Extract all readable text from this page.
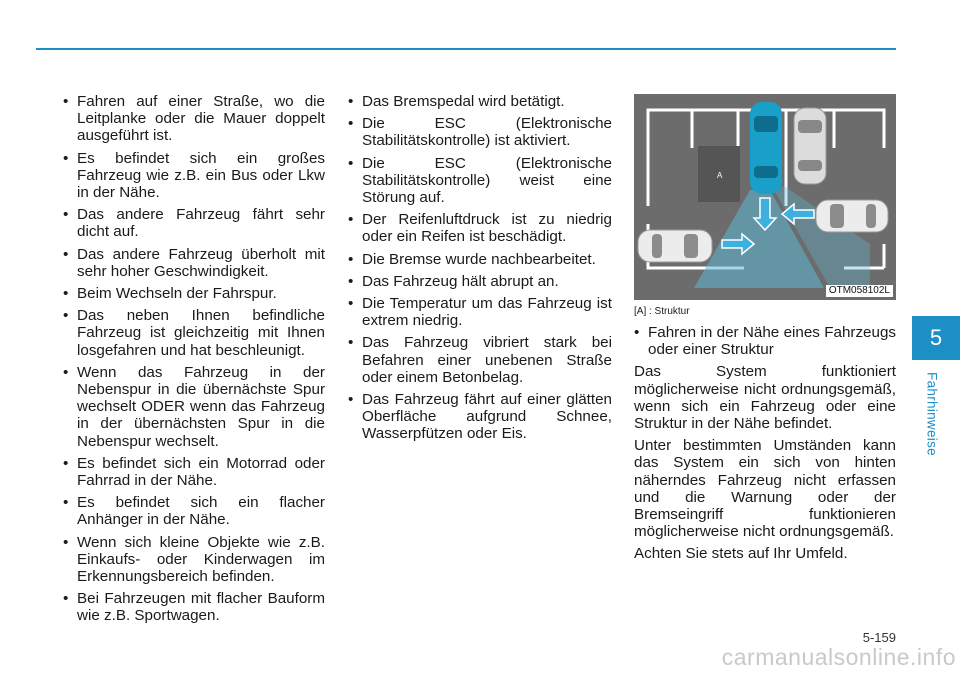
• Fahren auf einer Straße, wo die Leitplanke oder die Mauer doppelt ausgeführt ist.
• Es befindet sich ein großes Fahrzeug wie z.B. ein Bus oder Lkw in der Nähe.
• Das andere Fahrzeug fährt sehr dicht auf.
• Das andere Fahrzeug überholt mit sehr hoher Geschwindigkeit.
• Beim Wechseln der Fahrspur.
• Das neben Ihnen befindliche Fahrzeug ist gleichzeitig mit Ihnen losgefahren und hat beschleunigt.
• Wenn das Fahrzeug in der Nebenspur in die übernächste Spur wechselt ODER wenn das Fahrzeug in der übernächsten Spur in die Nebenspur wechselt.
• Es befindet sich ein Motorrad oder Fahrrad in der Nähe.
• Es befindet sich ein flacher Anhänger in der Nähe.
• Wenn sich kleine Objekte wie z.B. Einkaufs- oder Kinderwagen im Erkennungsbereich befinden.
• Bei Fahrzeugen mit flacher Bauform wie z.B. Sportwagen.
• Das Bremspedal wird betätigt.
• Die ESC (Elektronische Stabilitätskontrolle) ist aktiviert.
• Die ESC (Elektronische Stabilitätskontrolle) weist eine Störung auf.
• Der Reifenluftdruck ist zu niedrig oder ein Reifen ist beschädigt.
• Die Bremse wurde nachbearbeitet.
• Das Fahrzeug hält abrupt an.
• Die Temperatur um das Fahrzeug ist extrem niedrig.
• Das Fahrzeug vibriert stark bei Befahren einer unebenen Straße oder einem Betonbelag.
• Das Fahrzeug fährt auf einer glätten Oberfläche aufgrund Schnee, Wasserpfützen oder Eis.
A
OTM058102L
[A] : Struktur
• Fahren in der Nähe eines Fahrzeugs oder einer Struktur

Das System funktioniert möglicherweise nicht ordnungsgemäß, wenn sich ein Fahrzeug oder eine Struktur in der Nähe befindet.

Unter bestimmten Umständen kann das System ein sich von hinten näherndes Fahrzeug nicht erfassen und die Warnung oder der Bremseingriff funktionieren möglicherweise nicht ordnungsgemäß.

Achten Sie stets auf Ihr Umfeld.

5
Fahrhinweise
5-159
carmanualsonline.info
